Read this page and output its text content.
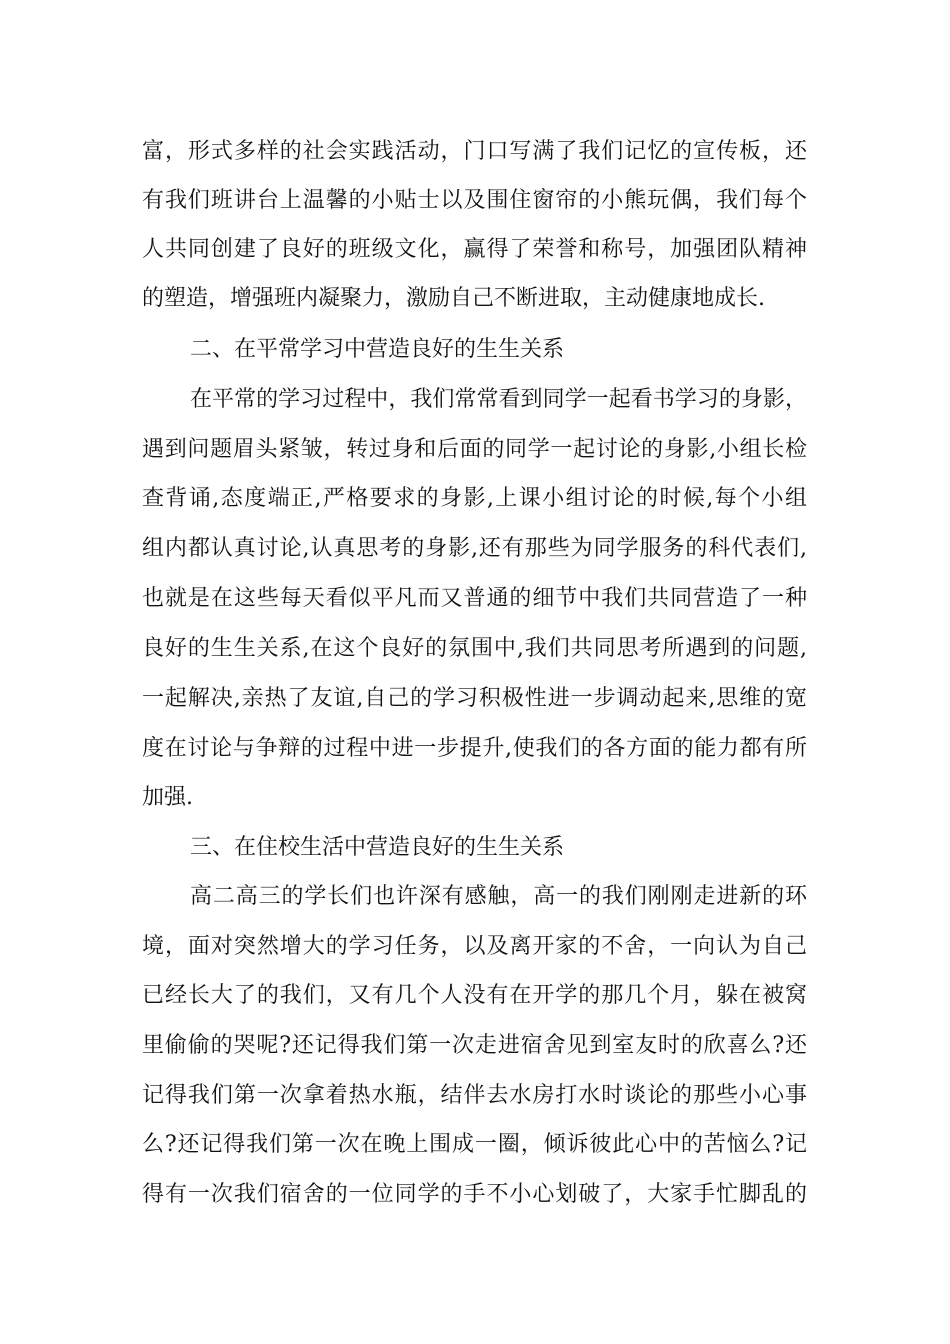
富，形式多样的社会实践活动，门口写满了我们记忆的宣传板，还
有我们班讲台上温馨的小贴士以及围住窗帘的小熊玩偶，我们每个
人共同创建了良好的班级文化，赢得了荣誉和称号，加强团队精神
的塑造，增强班内凝聚力，激励自己不断进取，主动健康地成长.
二、在平常学习中营造良好的生生关系
在平常的学习过程中，我们常常看到同学一起看书学习的身影，
遇到问题眉头紧皱，转过身和后面的同学一起讨论的身影,小组长检
查背诵,态度端正,严格要求的身影,上课小组讨论的时候,每个小组
组内都认真讨论,认真思考的身影,还有那些为同学服务的科代表们,
也就是在这些每天看似平凡而又普通的细节中我们共同营造了一种
良好的生生关系,在这个良好的氛围中,我们共同思考所遇到的问题,
一起解决,亲热了友谊,自己的学习积极性进一步调动起来,思维的宽
度在讨论与争辩的过程中进一步提升,使我们的各方面的能力都有所
加强.
三、在住校生活中营造良好的生生关系
高二高三的学长们也许深有感触，高一的我们刚刚走进新的环
境，面对突然增大的学习任务，以及离开家的不舍，一向认为自己
已经长大了的我们，又有几个人没有在开学的那几个月，躲在被窝
里偷偷的哭呢?还记得我们第一次走进宿舍见到室友时的欣喜么?还
记得我们第一次拿着热水瓶，结伴去水房打水时谈论的那些小心事
么?还记得我们第一次在晚上围成一圈，倾诉彼此心中的苦恼么?记
得有一次我们宿舍的一位同学的手不小心划破了，大家手忙脚乱的
